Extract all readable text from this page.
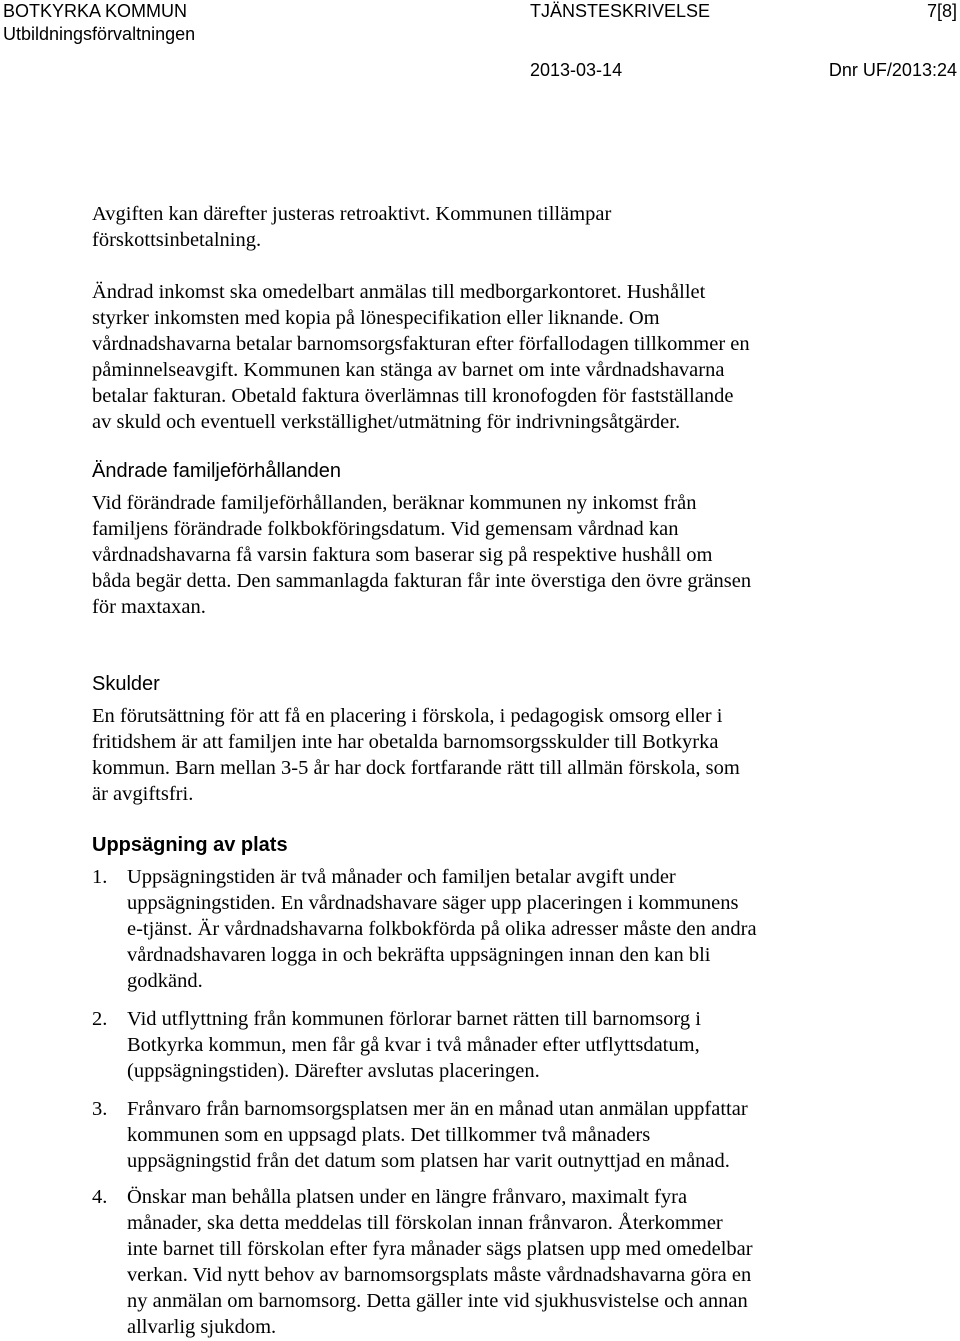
BOTKYRKA KOMMUN
Utbildningsförvaltningen
TJÄNSTESKRIVELSE	7[8]
2013-03-14	Dnr UF/2013:24
Avgiften kan därefter justeras retroaktivt. Kommunen tillämpar
förskottsinbetalning.
Ändrad inkomst ska omedelbart anmälas till medborgarkontoret. Hushållet
styrker inkomsten med kopia på lönespecifikation eller liknande. Om
vårdnadshavarna betalar barnomsorgsfakturan efter förfallodagen tillkommer en
påminnelseavgift. Kommunen kan stänga av barnet om inte vårdnadshavarna
betalar fakturan. Obetald faktura överlämnas till kronofogden för fastställande
av skuld och eventuell verkställighet/utmätning för indrivningsåtgärder.
Ändrade familjeförhållanden
Vid förändrade familjeförhållanden, beräknar kommunen ny inkomst från
familjens förändrade folkbokföringsdatum. Vid gemensam vårdnad kan
vårdnadshavarna få varsin faktura som baserar sig på respektive hushåll om
båda begär detta. Den sammanlagda fakturan får inte överstiga den övre gränsen
för maxtaxan.
Skulder
En förutsättning för att få en placering i förskola, i pedagogisk omsorg eller i
fritidshem är att familjen inte har obetalda barnomsorgsskulder till Botkyrka
kommun. Barn mellan 3-5 år har dock fortfarande rätt till allmän förskola, som
är avgiftsfri.
Uppsägning av plats
1. Uppsägningstiden är två månader och familjen betalar avgift under
uppsägningstiden. En vårdnadshavare säger upp placeringen i kommunens
e-tjänst. Är vårdnadshavarna folkbokförda på olika adresser måste den andra
vårdnadshavaren logga in och bekräfta uppsägningen innan den kan bli
godkänd.
2. Vid utflyttning från kommunen förlorar barnet rätten till barnomsorg i
Botkyrka kommun, men får gå kvar i två månader efter utflyttsdatum,
(uppsägningstiden). Därefter avslutas placeringen.
3. Frånvaro från barnomsorgsplatsen mer än en månad utan anmälan uppfattar
kommunen som en uppsagd plats. Det tillkommer två månaders
uppsägningstid från det datum som platsen har varit outnyttjad en månad.
4. Önskar man behålla platsen under en längre frånvaro, maximalt fyra
månader, ska detta meddelas till förskolan innan frånvaron. Återkommer
inte barnet till förskolan efter fyra månader sägs platsen upp med omedelbar
verkan. Vid nytt behov av barnomsorgsplats måste vårdnadshavarna göra en
ny anmälan om barnomsorg. Detta gäller inte vid sjukhusvistelse och annan
allvarlig sjukdom.
